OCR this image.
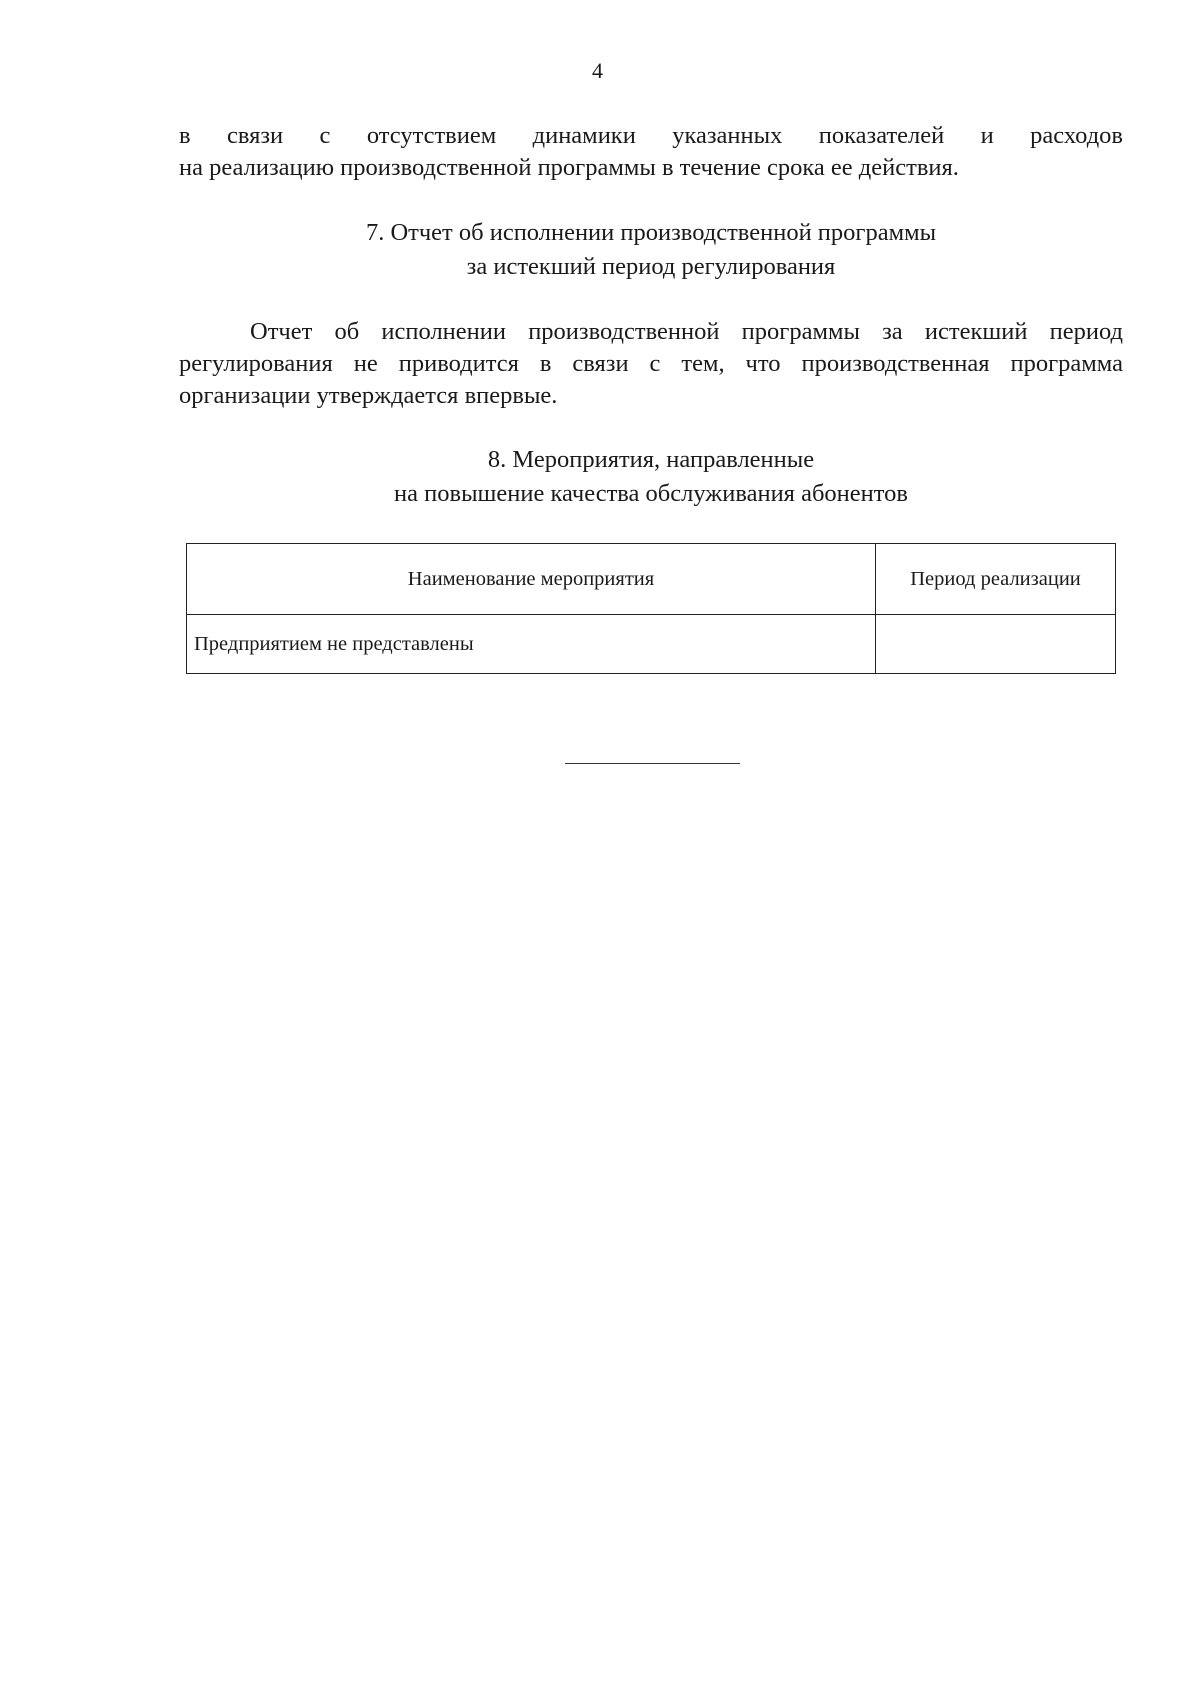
4
в связи с отсутствием динамики указанных показателей и расходов
на реализацию производственной программы в течение срока ее действия.
7. Отчет об исполнении производственной программы
за истекший период регулирования
Отчет об исполнении производственной программы за истекший период
регулирования не приводится в связи с тем, что производственная программа
организации утверждается впервые.
8. Мероприятия, направленные
на повышение качества обслуживания абонентов
Наименование мероприятия	Период реализации
Предприятием не представлены	
